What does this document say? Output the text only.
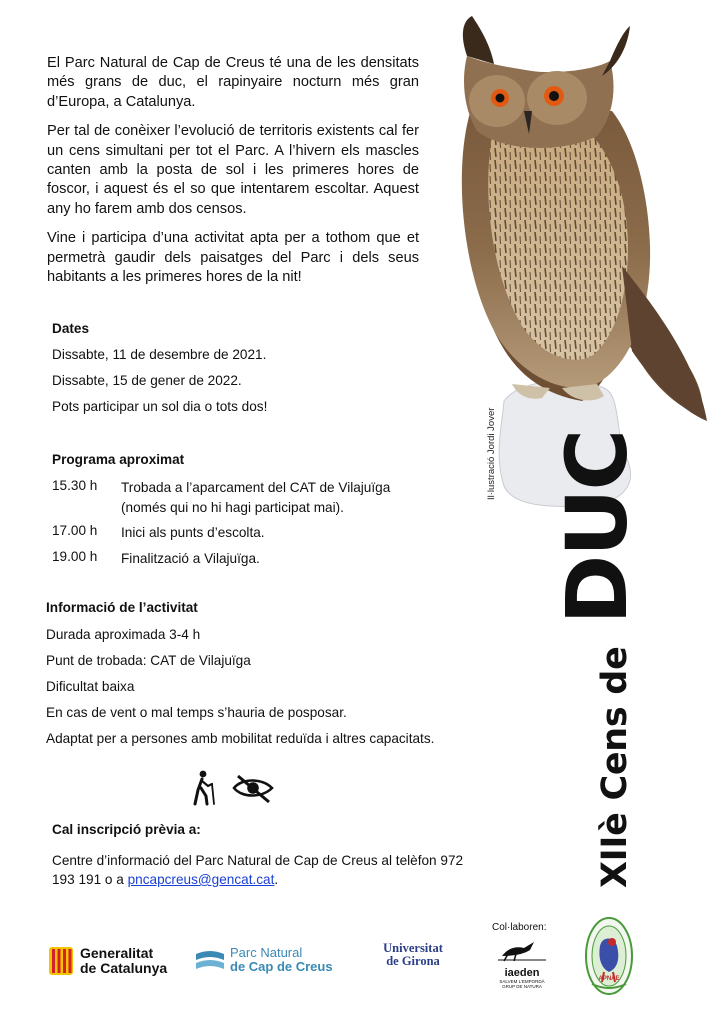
El Parc Natural de Cap de Creus té una de les densitats més grans de duc, el rapinyaire nocturn més gran d’Europa, a Catalunya.

Per tal de conèixer l’evolució de territoris existents cal fer un cens simultani per tot el Parc. A l’hivern els mascles canten amb la posta de sol i les primeres hores de foscor, i aquest és el so que intentarem escoltar. Aquest any ho farem amb dos censos.

Vine i participa d’una activitat apta per a tothom que et permetrà gaudir dels paisatges del Parc i dels seus habitants a les primeres hores de la nit!

Il·lustració Jordi Jover
Dates
Dissabte, 11 de desembre de 2021.
Dissabte, 15 de gener de 2022.
Pots participar un sol dia o tots dos!
Programa aproximat
15.30 h Trobada a l’aparcament del CAT de Vilajuïga (només qui no hi hagi participat mai).
17.00 h Inici als punts d’escolta.
19.00 h Finalització a Vilajuïga.
Informació de l’activitat
Durada aproximada 3-4 h
Punt de trobada: CAT de Vilajuïga
Dificultat baixa
En cas de vent o mal temps s’hauria de posposar.
Adaptat per a persones amb mobilitat reduïda i altres capacitats.	XIIè Cens de
DUC
Cal inscripció prèvia a:
Centre d’informació del Parc Natural de Cap de Creus al telèfon 972 193 191 o a pncapcreus@gencat.cat.
Generalitat
de Catalunya
Parc Natural
de Cap de Creus
Universitat
de Girona
Col·laboren:
iaeden
SALVEM L’EMPORDÀ
GRUP DE NATURA
APNAE
